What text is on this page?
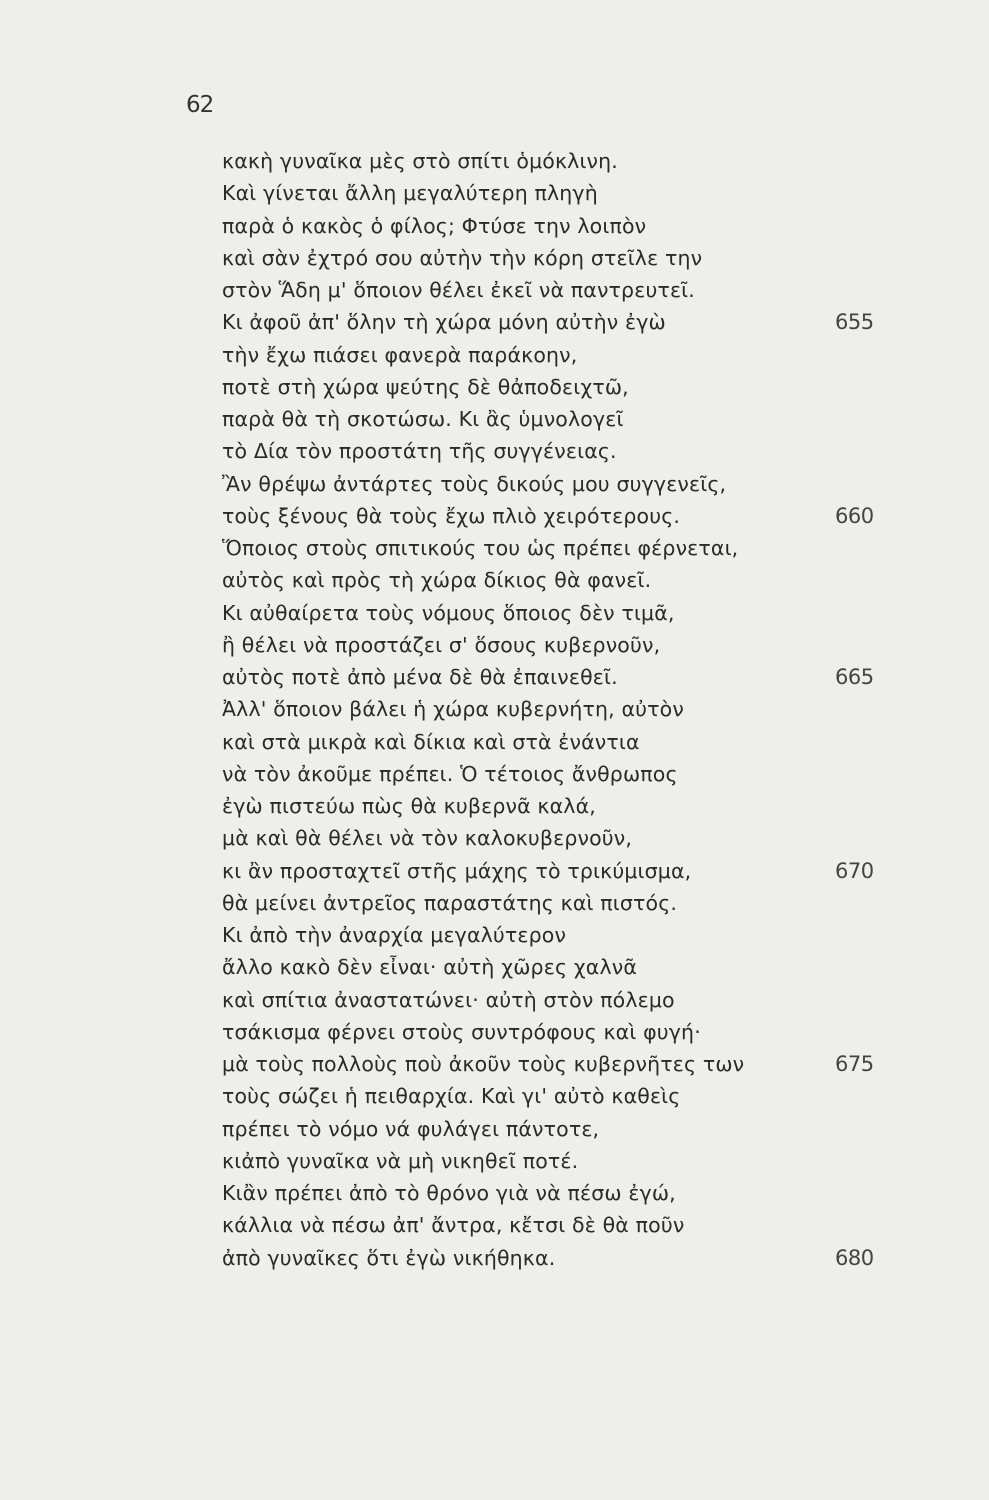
62
κακὴ γυναῖκα μὲς στὸ σπίτι ὁμόκλινη.
Καὶ γίνεται ἄλλη μεγαλύτερη πληγὴ
παρὰ ὁ κακὸς ὁ φίλος; Φτύσε την λοιπὸν
καὶ σὰν ἐχτρό σου αὐτὴν τὴν κόρη στεῖλε την
στὸν Ἅδη μ' ὅποιον θέλει ἐκεῖ νὰ παντρευτεῖ.
Κι ἀφοῦ ἀπ' ὅλην τὴ χώρα μόνη αὐτὴν ἐγὼ	655
τὴν ἔχω πιάσει φανερὰ παράκοην,
ποτὲ στὴ χώρα ψεύτης δὲ θἀποδειχτῶ,
παρὰ θὰ τὴ σκοτώσω. Κι ἂς ὑμνολογεῖ
τὸ Δία τὸν προστάτη τῆς συγγένειας.
Ἂν θρέψω ἀντάρτες τοὺς δικούς μου συγγενεῖς,
τοὺς ξένους θὰ τοὺς ἔχω πλιὸ χειρότερους.	660
Ὅποιος στοὺς σπιτικούς του ὡς πρέπει φέρνεται,
αὐτὸς καὶ πρὸς τὴ χώρα δίκιος θὰ φανεῖ.
Κι αὐθαίρετα τοὺς νόμους ὅποιος δὲν τιμᾶ,
ἢ θέλει νὰ προστάζει σ' ὅσους κυβερνοῦν,
αὐτὸς ποτὲ ἀπὸ μένα δὲ θὰ ἐπαινεθεῖ.	665
Ἀλλ' ὅποιον βάλει ἡ χώρα κυβερνήτη, αὐτὸν
καὶ στὰ μικρὰ καὶ δίκια καὶ στὰ ἐνάντια
νὰ τὸν ἀκοῦμε πρέπει. Ὁ τέτοιος ἄνθρωπος
ἐγὼ πιστεύω πὼς θὰ κυβερνᾶ καλά,
μὰ καὶ θὰ θέλει νὰ τὸν καλοκυβερνοῦν,
κι ἂν προσταχτεῖ στῆς μάχης τὸ τρικύμισμα,	670
θὰ μείνει ἀντρεῖος παραστάτης καὶ πιστός.
Κι ἀπὸ τὴν ἀναρχία μεγαλύτερον
ἄλλο κακὸ δὲν εἶναι· αὐτὴ χῶρες χαλνᾶ
καὶ σπίτια ἀναστατώνει· αὐτὴ στὸν πόλεμο
τσάκισμα φέρνει στοὺς συντρόφους καὶ φυγή·
μὰ τοὺς πολλοὺς ποὺ ἀκοῦν τοὺς κυβερνῆτες των	675
τοὺς σώζει ἡ πειθαρχία. Καὶ γι' αὐτὸ καθεὶς
πρέπει τὸ νόμο νά φυλάγει πάντοτε,
κιἀπὸ γυναῖκα νὰ μὴ νικηθεῖ ποτέ.
Κιἂν πρέπει ἀπὸ τὸ θρόνο γιὰ νὰ πέσω ἐγώ,
κάλλια νὰ πέσω ἀπ' ἄντρα, κἔτσι δὲ θὰ ποῦν
ἀπὸ γυναῖκες ὅτι ἐγὼ νικήθηκα.	680
